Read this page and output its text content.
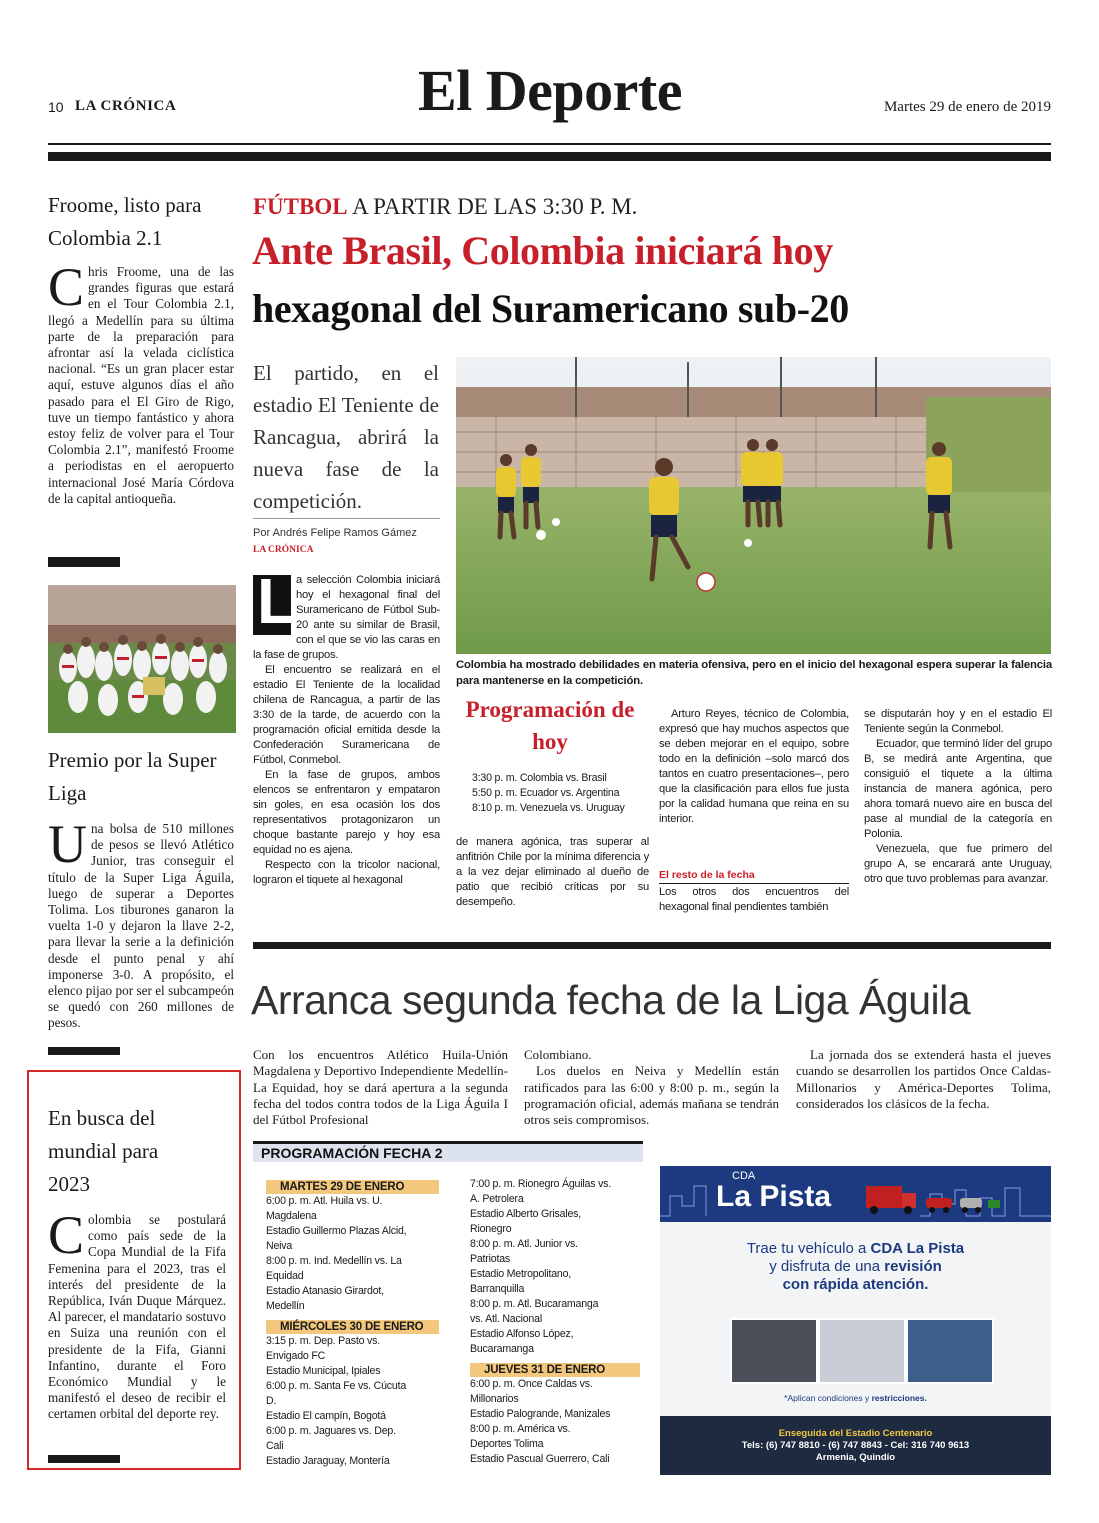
10 LA CRÓNICA	El Deporte	Martes 29 de enero de 2019
Froome, listo para Colombia 2.1
Chris Froome, una de las grandes figuras que estará en el Tour Colombia 2.1, llegó a Medellín para su última parte de la preparación para afrontar así la velada ciclística nacional. “Es un gran placer estar aquí, estuve algunos días el año pasado para el El Giro de Rigo, tuve un tiempo fantástico y ahora estoy feliz de volver para el Tour Colombia 2.1”, manifestó Froome a periodistas en el aeropuerto internacional José María Córdova de la capital antioqueña.
Premio por la Super Liga
Una bolsa de 510 millones de pesos se llevó Atlético Junior, tras conseguir el título de la Super Liga Águila, luego de superar a Deportes Tolima. Los tiburones ganaron la vuelta 1-0 y dejaron la llave 2-2, para llevar la serie a la definición desde el punto penal y ahí imponerse 3-0. A propósito, el elenco pijao por ser el subcampeón se quedó con 260 millones de pesos.
En busca del mundial para 2023
Colombia se postulará como país sede de la Copa Mundial de la Fifa Femenina para el 2023, tras el interés del presidente de la República, Iván Duque Márquez. Al parecer, el mandatario sostuvo en Suiza una reunión con el presidente de la Fifa, Gianni Infantino, durante el Foro Económico Mundial y le manifestó el deseo de recibir el certamen orbital del deporte rey.
FÚTBOL A PARTIR DE LAS 3:30 P. M.
Ante Brasil, Colombia iniciará hoy
hexagonal del Suramericano sub-20
El partido, en el estadio El Teniente de Rancagua, abrirá la nueva fase de la competición.
Por Andrés Felipe Ramos Gámez
LA CRÓNICA
Colombia ha mostrado debilidades en materia ofensiva, pero en el inicio del hexagonal espera superar la falencia para mantenerse en la competición.
L a selección Colombia iniciará hoy el hexagonal final del Suramericano de Fútbol Sub-20 ante su similar de Brasil, con el que se vio las caras en la fase de grupos.

El encuentro se realizará en el estadio El Teniente de la localidad chilena de Rancagua, a partir de las 3:30 de la tarde, de acuerdo con la programación oficial emitida desde la Confederación Suramericana de Fútbol, Conmebol.

En la fase de grupos, ambos elencos se enfrentaron y empataron sin goles, en esa ocasión los dos representativos protagonizaron un choque bastante parejo y hoy esa equidad no es ajena.

Respecto con la tricolor nacional, lograron el tiquete al hexagonal

Programación de hoy
3:30 p. m. Colombia vs. Brasil
5:50 p. m. Ecuador vs. Argentina
8:10 p. m. Venezuela vs. Uruguay
de manera agónica, tras superar al anfitrión Chile por la mínima diferencia y a la vez dejar eliminado al dueño de patio que recibió críticas por su desempeño.

Arturo Reyes, técnico de Colombia, expresó que hay muchos aspectos que se deben mejorar en el equipo, sobre todo en la definición –solo marcó dos tantos en cuatro presentaciones–, pero que la clasificación para ellos fue justa por la calidad humana que reina en su interior.

El resto de la fecha
Los otros dos encuentros del hexagonal final pendientes también

se disputarán hoy y en el estadio El Teniente según la Conmebol.

Ecuador, que terminó líder del grupo B, se medirá ante Argentina, que consiguió el tiquete a la última instancia de manera agónica, pero ahora tomará nuevo aire en busca del pase al mundial de la categoría en Polonia.

Venezuela, que fue primero del grupo A, se encarará ante Uruguay, otro que tuvo problemas para avanzar.

Arranca segunda fecha de la Liga Águila
Con los encuentros Atlético Huila-Unión Magdalena y Deportivo Independiente Medellín-La Equidad, hoy se dará apertura a la segunda fecha del todos contra todos de la Liga Águila I del Fútbol Profesional

Colombiano.

Los duelos en Neiva y Medellín están ratificados para las 6:00 y 8:00 p. m., según la programación oficial, además mañana se tendrán otros seis compromisos.

La jornada dos se extenderá hasta el jueves cuando se desarrollen los partidos Once Caldas-Millonarios y América-Deportes Tolima, considerados los clásicos de la fecha.
PROGRAMACIÓN FECHA 2
MARTES 29 DE ENERO
6:00 p. m. Atl. Huila vs. U.
Magdalena
Estadio Guillermo Plazas Alcid,
Neiva
8:00 p. m. Ind. Medellín vs. La
Equidad
Estadio Atanasio Girardot,
Medellín
MIÉRCOLES 30 DE ENERO
3:15 p. m. Dep. Pasto vs.
Envigado FC
Estadio Municipal, Ipiales
6:00 p. m. Santa Fe vs. Cúcuta
D.
Estadio El campín, Bogotá
6:00 p. m. Jaguares vs. Dep.
Cali
Estadio Jaraguay, Montería
7:00 p. m. Rionegro Águilas vs.
A. Petrolera
Estadio Alberto Grisales,
Rionegro
8:00 p. m. Atl. Junior vs.
Patriotas
Estadio Metropolitano,
Barranquilla
8:00 p. m. Atl. Bucaramanga
vs. Atl. Nacional
Estadio Alfonso López,
Bucaramanga
JUEVES 31 DE ENERO
6:00 p. m. Once Caldas vs.
Millonarios
Estadio Palogrande, Manizales
8:00 p. m. América vs.
Deportes Tolima
Estadio Pascual Guerrero, Cali
CDA
La Pista
Trae tu vehículo a CDA La Pista
y disfruta de una revisión
con rápida atención.
*Aplican condiciones y restricciones.
Enseguida del Estadio Centenario
Tels: (6) 747 8810 - (6) 747 8843 - Cel: 316 740 9613
Armenia, Quindío
